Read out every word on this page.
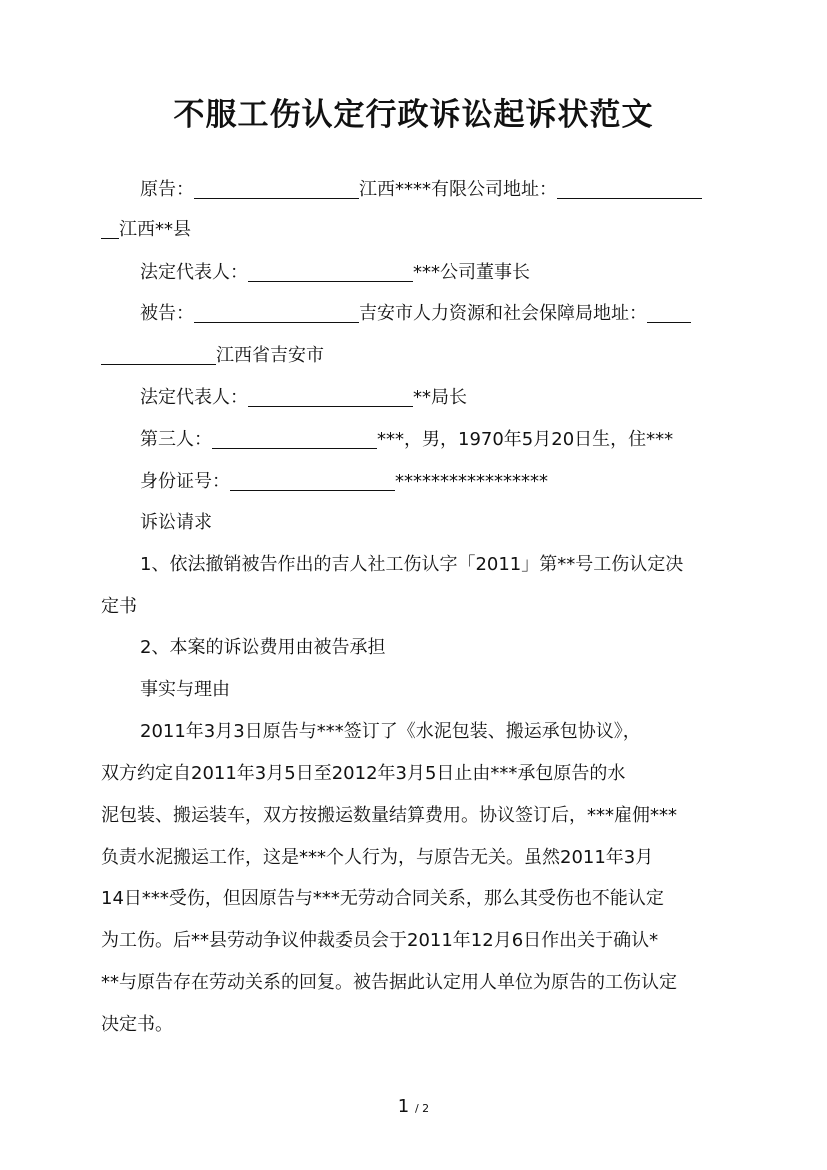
不服工伤认定行政诉讼起诉状范文
原告：	江西****有限公司地址：
江西**县
法定代表人：	***公司董事长
被告：	吉安市人力资源和社会保障局地址：
江西省吉安市
法定代表人：	**局长
第三人：	***，男，1970年5月20日生，住***
身份证号：	*****************
诉讼请求
1、依法撤销被告作出的吉人社工伤认字「2011」第**号工伤认定决
定书
2、本案的诉讼费用由被告承担
事实与理由
2011年3月3日原告与***签订了《水泥包装、搬运承包协议》，
双方约定自2011年3月5日至2012年3月5日止由***承包原告的水
泥包装、搬运装车，双方按搬运数量结算费用。协议签订后，***雇佣***
负责水泥搬运工作，这是***个人行为，与原告无关。虽然2011年3月
14日***受伤，但因原告与***无劳动合同关系，那么其受伤也不能认定
为工伤。后**县劳动争议仲裁委员会于2011年12月6日作出关于确认*
**与原告存在劳动关系的回复。被告据此认定用人单位为原告的工伤认定
决定书。
1 / 2
